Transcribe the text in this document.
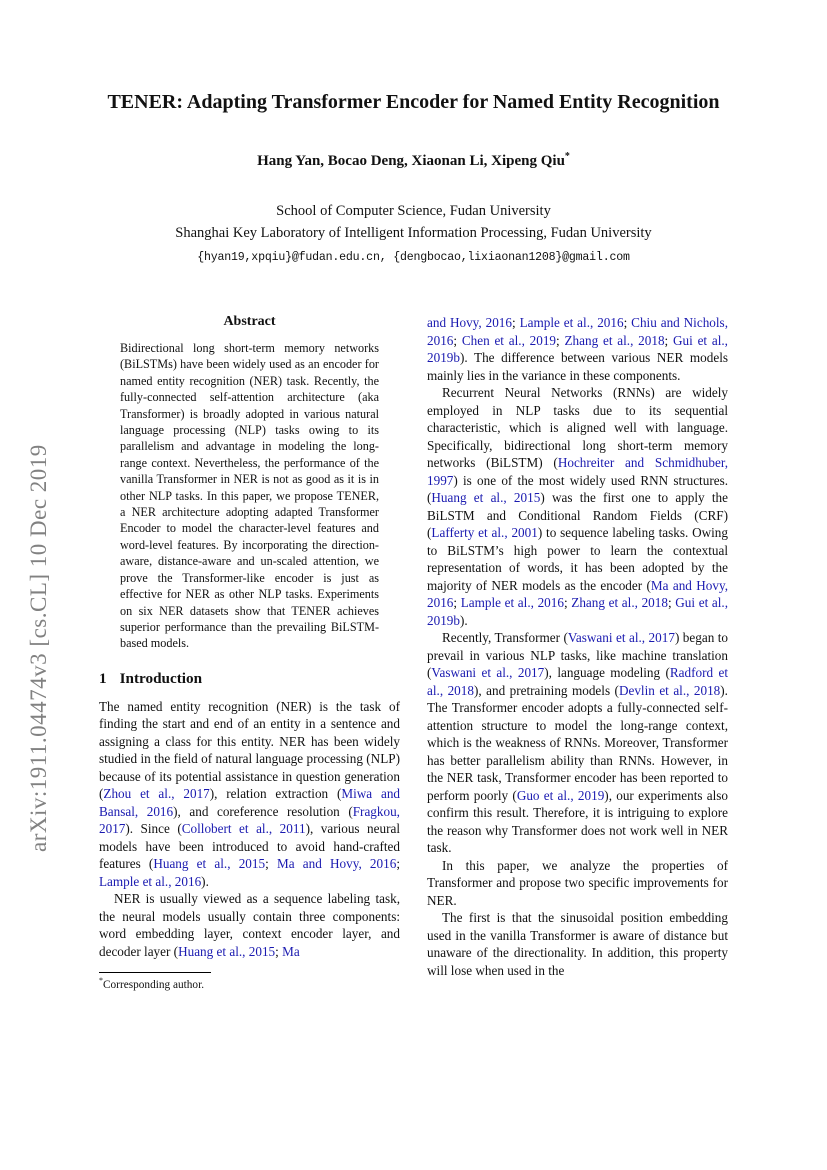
arXiv:1911.04474v3 [cs.CL] 10 Dec 2019
TENER: Adapting Transformer Encoder for Named Entity Recognition
Hang Yan, Bocao Deng, Xiaonan Li, Xipeng Qiu*
School of Computer Science, Fudan University
Shanghai Key Laboratory of Intelligent Information Processing, Fudan University
{hyan19,xpqiu}@fudan.edu.cn, {dengbocao,lixiaonan1208}@gmail.com
Abstract
Bidirectional long short-term memory networks (BiLSTMs) have been widely used as an encoder for named entity recognition (NER) task. Recently, the fully-connected self-attention architecture (aka Transformer) is broadly adopted in various natural language processing (NLP) tasks owing to its parallelism and advantage in modeling the long-range context. Nevertheless, the performance of the vanilla Transformer in NER is not as good as it is in other NLP tasks. In this paper, we propose TENER, a NER architecture adopting adapted Transformer Encoder to model the character-level features and word-level features. By incorporating the direction-aware, distance-aware and un-scaled attention, we prove the Transformer-like encoder is just as effective for NER as other NLP tasks. Experiments on six NER datasets show that TENER achieves superior performance than the prevailing BiLSTM-based models.
1 Introduction

The named entity recognition (NER) is the task of finding the start and end of an entity in a sentence and assigning a class for this entity. NER has been widely studied in the field of natural language processing (NLP) because of its potential assistance in question generation (Zhou et al., 2017), relation extraction (Miwa and Bansal, 2016), and coreference resolution (Fragkou, 2017). Since (Collobert et al., 2011), various neural models have been introduced to avoid hand-crafted features (Huang et al., 2015; Ma and Hovy, 2016; Lample et al., 2016).

NER is usually viewed as a sequence labeling task, the neural models usually contain three components: word embedding layer, context encoder layer, and decoder layer (Huang et al., 2015; Ma

*Corresponding author.

and Hovy, 2016; Lample et al., 2016; Chiu and Nichols, 2016; Chen et al., 2019; Zhang et al., 2018; Gui et al., 2019b). The difference between various NER models mainly lies in the variance in these components.

Recurrent Neural Networks (RNNs) are widely employed in NLP tasks due to its sequential characteristic, which is aligned well with language. Specifically, bidirectional long short-term memory networks (BiLSTM) (Hochreiter and Schmidhuber, 1997) is one of the most widely used RNN structures. (Huang et al., 2015) was the first one to apply the BiLSTM and Conditional Random Fields (CRF) (Lafferty et al., 2001) to sequence labeling tasks. Owing to BiLSTM’s high power to learn the contextual representation of words, it has been adopted by the majority of NER models as the encoder (Ma and Hovy, 2016; Lample et al., 2016; Zhang et al., 2018; Gui et al., 2019b).

Recently, Transformer (Vaswani et al., 2017) began to prevail in various NLP tasks, like machine translation (Vaswani et al., 2017), language modeling (Radford et al., 2018), and pretraining models (Devlin et al., 2018). The Transformer encoder adopts a fully-connected self-attention structure to model the long-range context, which is the weakness of RNNs. Moreover, Transformer has better parallelism ability than RNNs. However, in the NER task, Transformer encoder has been reported to perform poorly (Guo et al., 2019), our experiments also confirm this result. Therefore, it is intriguing to explore the reason why Transformer does not work well in NER task.

In this paper, we analyze the properties of Transformer and propose two specific improvements for NER.

The first is that the sinusoidal position embedding used in the vanilla Transformer is aware of distance but unaware of the directionality. In addition, this property will lose when used in the
